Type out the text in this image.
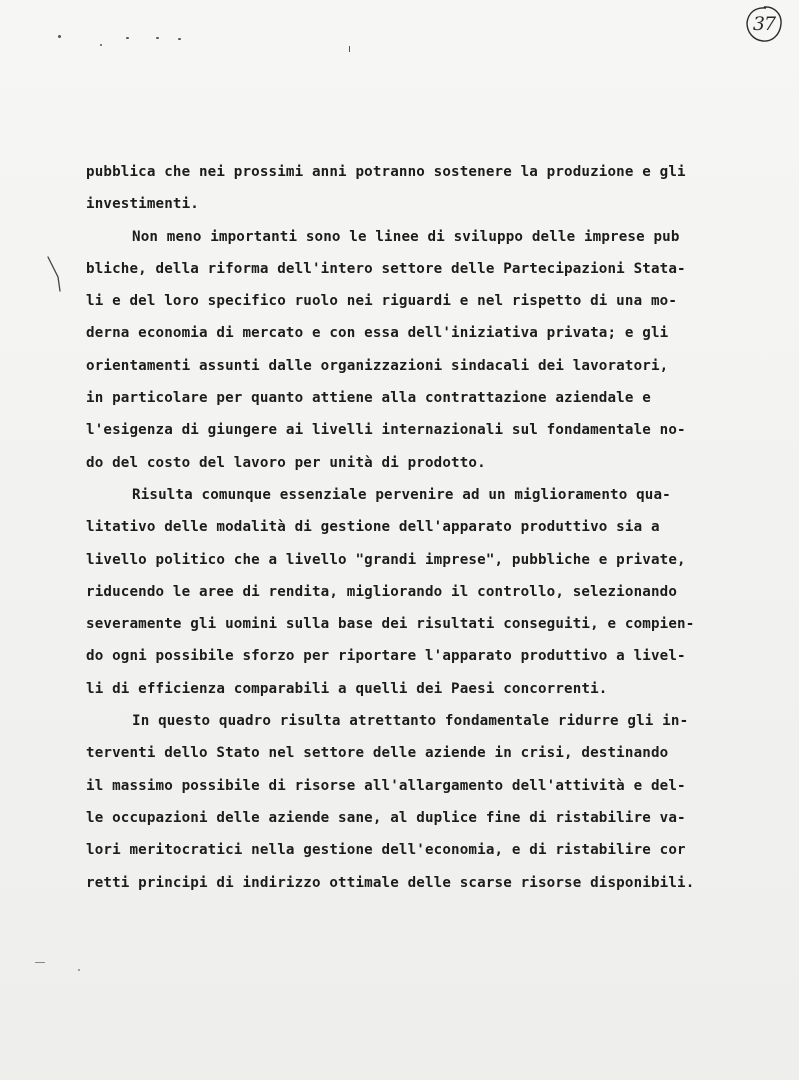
37

pubblica che nei prossimi anni potranno sostenere la produzione e gli
investimenti.

Non meno importanti sono le linee di sviluppo delle imprese pub
bliche, della riforma dell'intero settore delle Partecipazioni Stata-
li e del loro specifico ruolo nei riguardi e nel rispetto di una mo-
derna economia di mercato e con essa dell'iniziativa privata; e gli
orientamenti assunti dalle organizzazioni sindacali dei lavoratori,
in particolare per quanto attiene alla contrattazione aziendale e
l'esigenza di giungere ai livelli internazionali sul fondamentale no-
do del costo del lavoro per unità di prodotto.

Risulta comunque essenziale pervenire ad un miglioramento qua-
litativo delle modalità di gestione dell'apparato produttivo sia a
livello politico che a livello "grandi imprese", pubbliche e private,
riducendo le aree di rendita, migliorando il controllo, selezionando
severamente gli uomini sulla base dei risultati conseguiti, e compien-
do ogni possibile sforzo per riportare l'apparato produttivo a livel-
li di efficienza comparabili a quelli dei Paesi concorrenti.

In questo quadro risulta atrettanto fondamentale ridurre gli in-
terventi dello Stato nel settore delle aziende in crisi, destinando
il massimo possibile di risorse all'allargamento dell'attività e del-
le occupazioni delle aziende sane, al duplice fine di ristabilire va-
lori meritocratici nella gestione dell'economia, e di ristabilire cor
retti principi di indirizzo ottimale delle scarse risorse disponibili.
